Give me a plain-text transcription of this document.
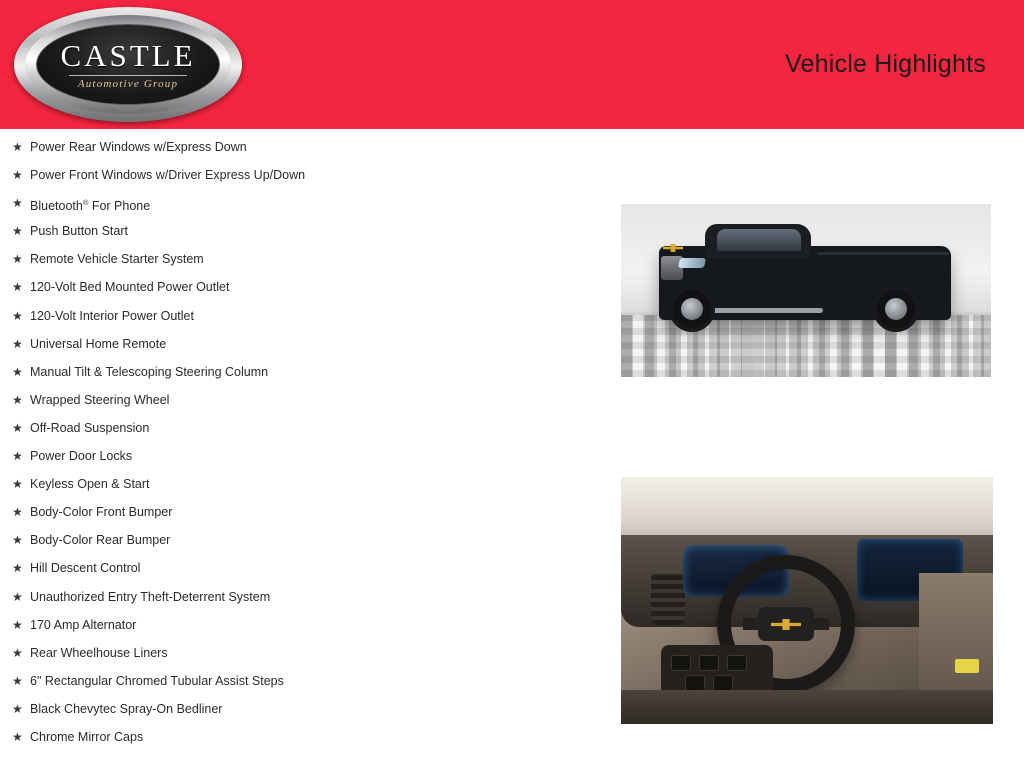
CASTLE
Automotive Group
Vehicle Highlights
★ Power Rear Windows w/Express Down
★ Power Front Windows w/Driver Express Up/Down
★ Bluetooth® For Phone
★ Push Button Start
★ Remote Vehicle Starter System
★ 120-Volt Bed Mounted Power Outlet
★ 120-Volt Interior Power Outlet
★ Universal Home Remote
★ Manual Tilt & Telescoping Steering Column
★ Wrapped Steering Wheel
★ Off-Road Suspension
★ Power Door Locks
★ Keyless Open & Start
★ Body-Color Front Bumper
★ Body-Color Rear Bumper
★ Hill Descent Control
★ Unauthorized Entry Theft-Deterrent System
★ 170 Amp Alternator
★ Rear Wheelhouse Liners
★ 6" Rectangular Chromed Tubular Assist Steps
★ Black Chevytec Spray-On Bedliner
★ Chrome Mirror Caps
